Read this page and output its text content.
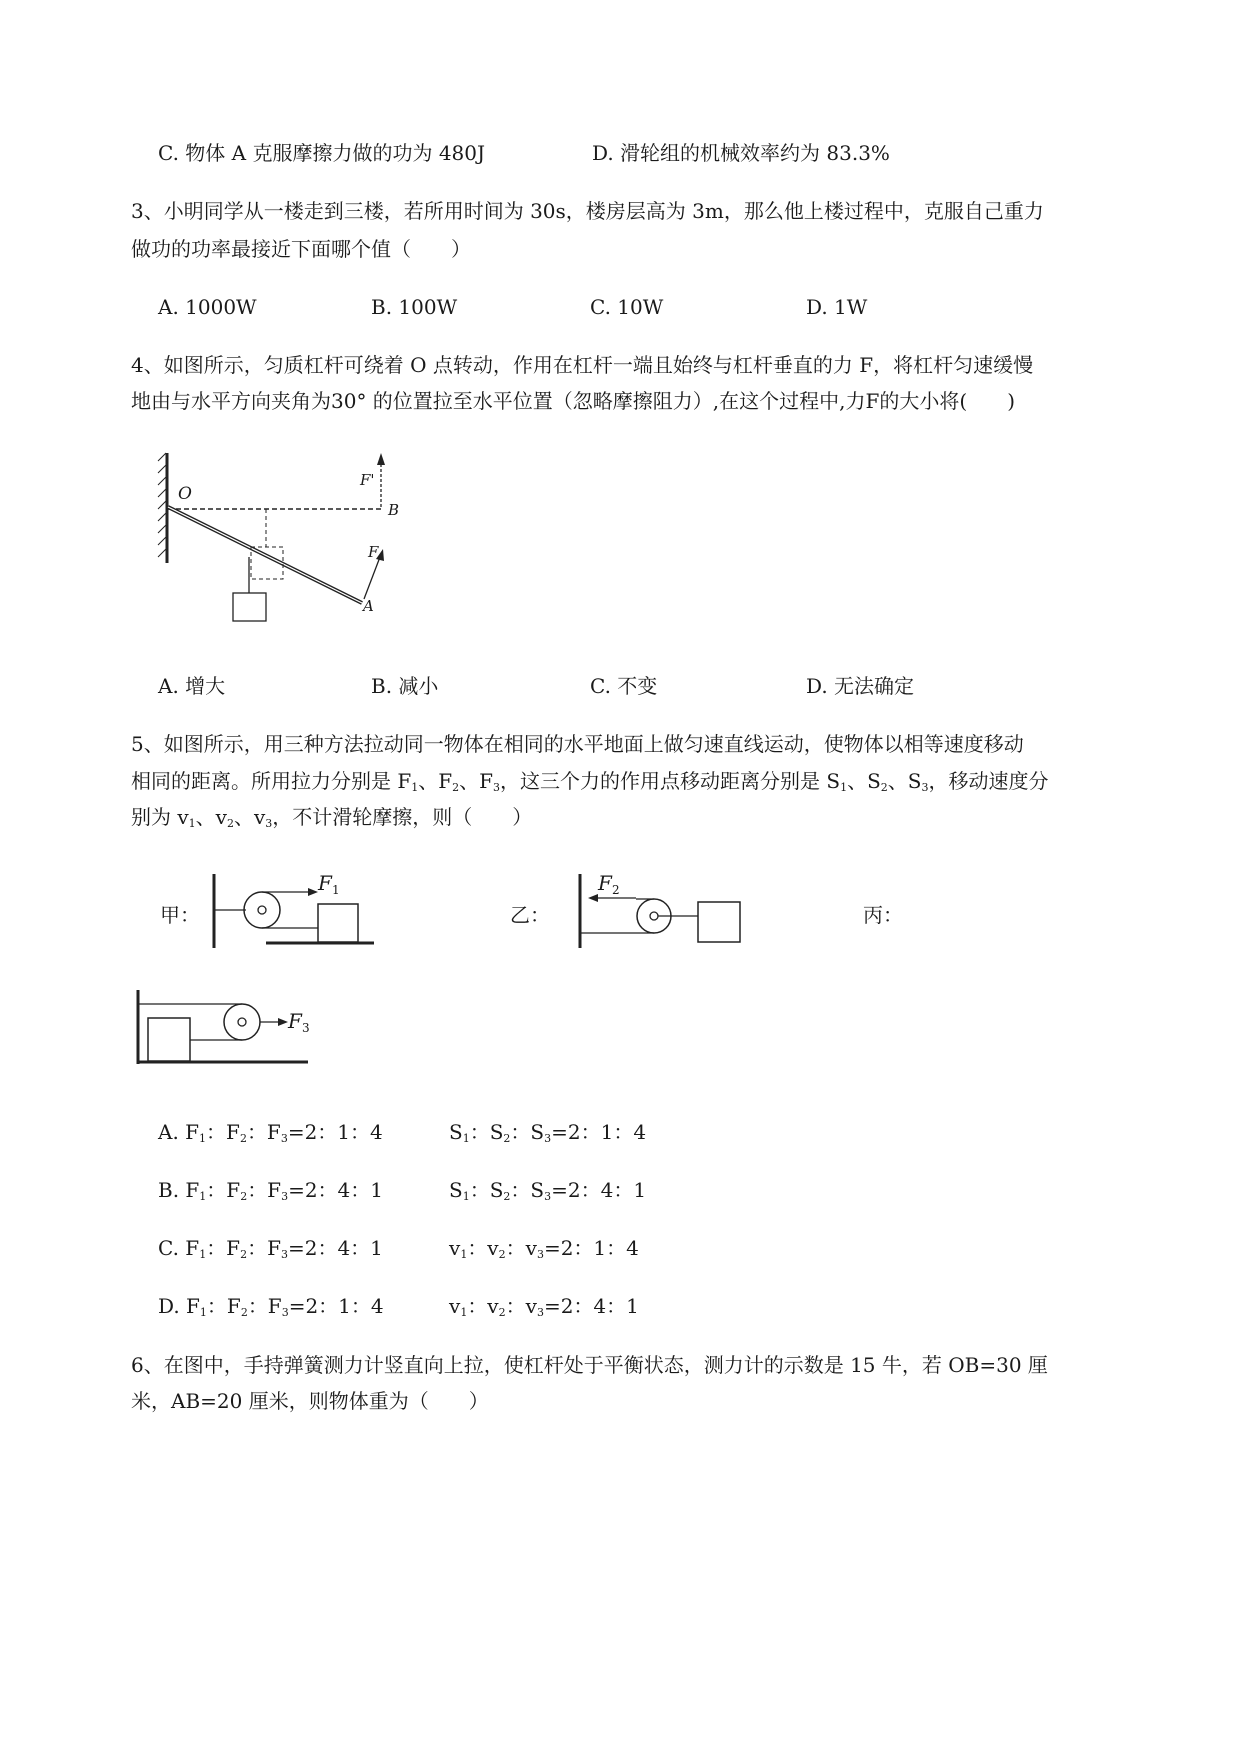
C. 物体 A 克服摩擦力做的功为 480J	D. 滑轮组的机械效率约为 83.3%
3、小明同学从一楼走到三楼，若所用时间为 30s，楼房层高为 3m，那么他上楼过程中，克服自己重力
做功的功率最接近下面哪个值（　　）
A. 1000W	B. 100W	C. 10W	D. 1W
4、如图所示，匀质杠杆可绕着 O 点转动，作用在杠杆一端且始终与杠杆垂直的力 F，将杠杆匀速缓慢
地由与水平方向夹角为30° 的位置拉至水平位置（忽略摩擦阻力）,在这个过程中,力F的大小将(　　)
O
B
A
F
F'
A. 增大	B. 减小	C. 不变	D. 无法确定
5、如图所示，用三种方法拉动同一物体在相同的水平地面上做匀速直线运动，使物体以相等速度移动
相同的距离。所用拉力分别是 $F_1$、$F_2$、$F_3$，这三个力的作用点移动距离分别是 $S_1$、$S_2$、$S_3$，移动速度分
别为 $v_1$、$v_2$、$v_3$，不计滑轮摩擦，则（　　）
甲：	乙：	丙：
F 1	F 2
F 3
A. $F_1$：$F_2$：$F_3=2$：1：4	$S_1$：$S_2$：$S_3=2$：1：4
B. $F_1$：$F_2$：$F_3=2$：4：1	$S_1$：$S_2$：$S_3=2$：4：1
C. $F_1$：$F_2$：$F_3=2$：4：1	$v_1$：$v_2$：$v_3=2$：1：4
D. $F_1$：$F_2$：$F_3=2$：1：4	$v_1$：$v_2$：$v_3=2$：4：1
6、在图中，手持弹簧测力计竖直向上拉，使杠杆处于平衡状态，测力计的示数是 15 牛，若 OB=30 厘
米，AB=20 厘米，则物体重为（　　）
